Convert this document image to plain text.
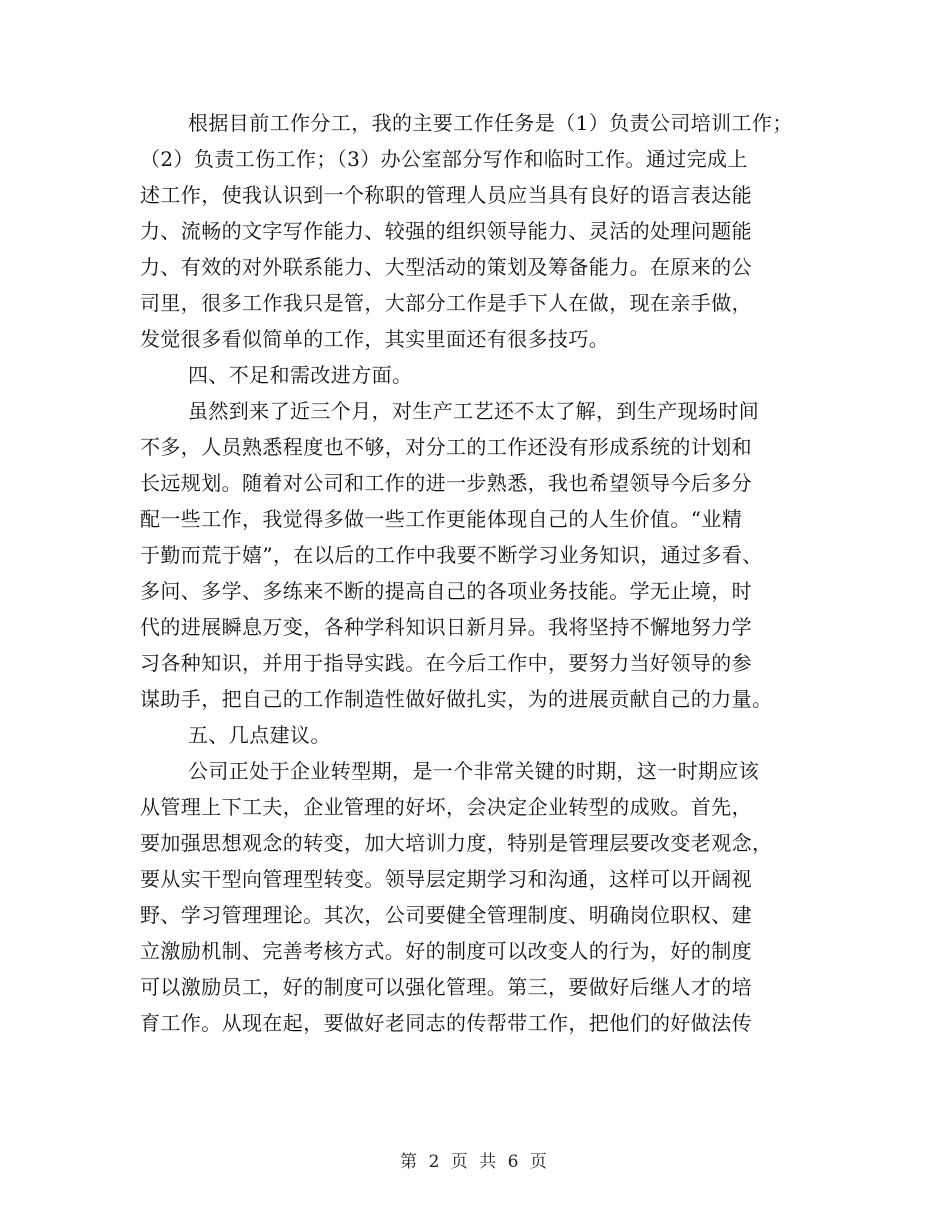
根据目前工作分工，我的主要工作任务是（1）负责公司培训工作；
（2）负责工伤工作；（3）办公室部分写作和临时工作。通过完成上
述工作，使我认识到一个称职的管理人员应当具有良好的语言表达能
力、流畅的文字写作能力、较强的组织领导能力、灵活的处理问题能
力、有效的对外联系能力、大型活动的策划及筹备能力。在原来的公
司里，很多工作我只是管，大部分工作是手下人在做，现在亲手做，
发觉很多看似简单的工作，其实里面还有很多技巧。
四、不足和需改进方面。
虽然到来了近三个月，对生产工艺还不太了解，到生产现场时间
不多，人员熟悉程度也不够，对分工的工作还没有形成系统的计划和
长远规划。随着对公司和工作的进一步熟悉，我也希望领导今后多分
配一些工作，我觉得多做一些工作更能体现自己的人生价值。“业精
于勤而荒于嬉”，在以后的工作中我要不断学习业务知识，通过多看、
多问、多学、多练来不断的提高自己的各项业务技能。学无止境，时
代的进展瞬息万变，各种学科知识日新月异。我将坚持不懈地努力学
习各种知识，并用于指导实践。在今后工作中，要努力当好领导的参
谋助手，把自己的工作制造性做好做扎实，为的进展贡献自己的力量。
五、几点建议。
公司正处于企业转型期，是一个非常关键的时期，这一时期应该
从管理上下工夫，企业管理的好坏，会决定企业转型的成败。首先，
要加强思想观念的转变，加大培训力度，特别是管理层要改变老观念，
要从实干型向管理型转变。领导层定期学习和沟通，这样可以开阔视
野、学习管理理论。其次，公司要健全管理制度、明确岗位职权、建
立激励机制、完善考核方式。好的制度可以改变人的行为，好的制度
可以激励员工，好的制度可以强化管理。第三，要做好后继人才的培
育工作。从现在起，要做好老同志的传帮带工作，把他们的好做法传
第 2 页 共 6 页
